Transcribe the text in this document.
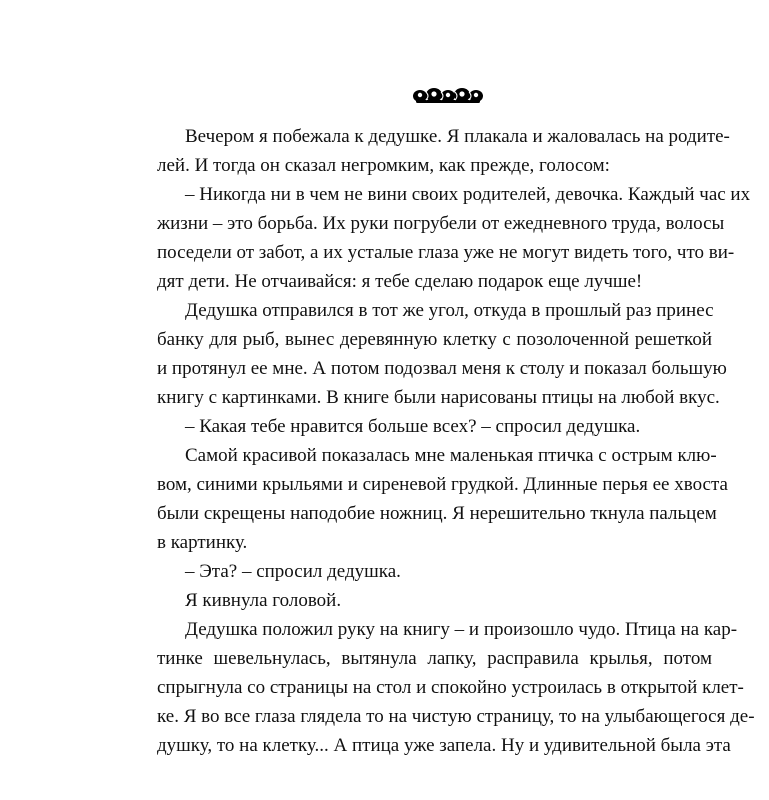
Вечером я побежала к дедушке. Я плакала и жаловалась на родите-
лей. И тогда он сказал негромким, как прежде, голосом:
– Никогда ни в чем не вини своих родителей, девочка. Каждый час их
жизни – это борьба. Их руки погрубели от ежедневного труда, волосы
поседели от забот, а их усталые глаза уже не могут видеть того, что ви-
дят дети. Не отчаивайся: я тебе сделаю подарок еще лучше!
Дедушка отправился в тот же угол, откуда в прошлый раз принес
банку для рыб, вынес деревянную клетку с позолоченной решеткой
и протянул ее мне. А потом подозвал меня к столу и показал большую
книгу с картинками. В книге были нарисованы птицы на любой вкус.
– Какая тебе нравится больше всех? – спросил дедушка.
Самой красивой показалась мне маленькая птичка с острым клю-
вом, синими крыльями и сиреневой грудкой. Длинные перья ее хвоста
были скрещены наподобие ножниц. Я нерешительно ткнула пальцем
в картинку.
– Эта? – спросил дедушка.
Я кивнула головой.
Дедушка положил руку на книгу – и произошло чудо. Птица на кар-
тинке шевельнулась, вытянула лапку, расправила крылья, потом
спрыгнула со страницы на стол и спокойно устроилась в открытой клет-
ке. Я во все глаза глядела то на чистую страницу, то на улыбающегося де-
душку, то на клетку... А птица уже запела. Ну и удивительной была эта
